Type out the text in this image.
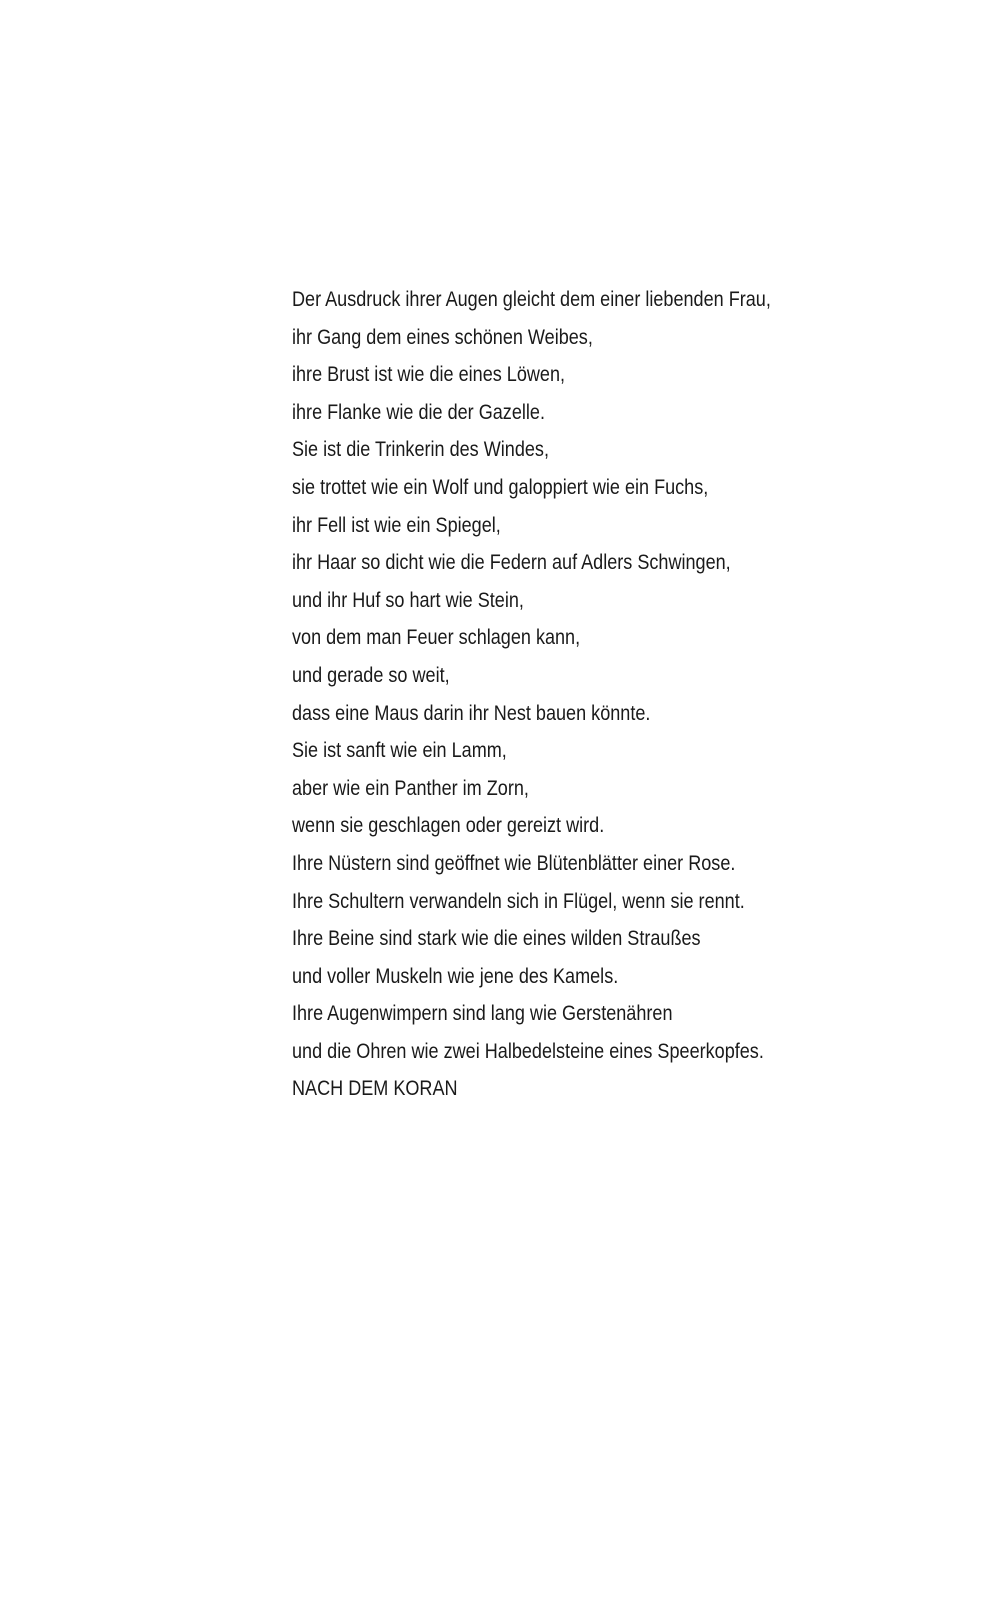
Der Ausdruck ihrer Augen gleicht dem einer liebenden Frau,
ihr Gang dem eines schönen Weibes,
ihre Brust ist wie die eines Löwen,
ihre Flanke wie die der Gazelle.
Sie ist die Trinkerin des Windes,
sie trottet wie ein Wolf und galoppiert wie ein Fuchs,
ihr Fell ist wie ein Spiegel,
ihr Haar so dicht wie die Federn auf Adlers Schwingen,
und ihr Huf so hart wie Stein,
von dem man Feuer schlagen kann,
und gerade so weit,
dass eine Maus darin ihr Nest bauen könnte.
Sie ist sanft wie ein Lamm,
aber wie ein Panther im Zorn,
wenn sie geschlagen oder gereizt wird.
Ihre Nüstern sind geöffnet wie Blütenblätter einer Rose.
Ihre Schultern verwandeln sich in Flügel, wenn sie rennt.
Ihre Beine sind stark wie die eines wilden Straußes
und voller Muskeln wie jene des Kamels.
Ihre Augenwimpern sind lang wie Gerstenähren
und die Ohren wie zwei Halbedelsteine eines Speerkopfes.
NACH DEM KORAN
